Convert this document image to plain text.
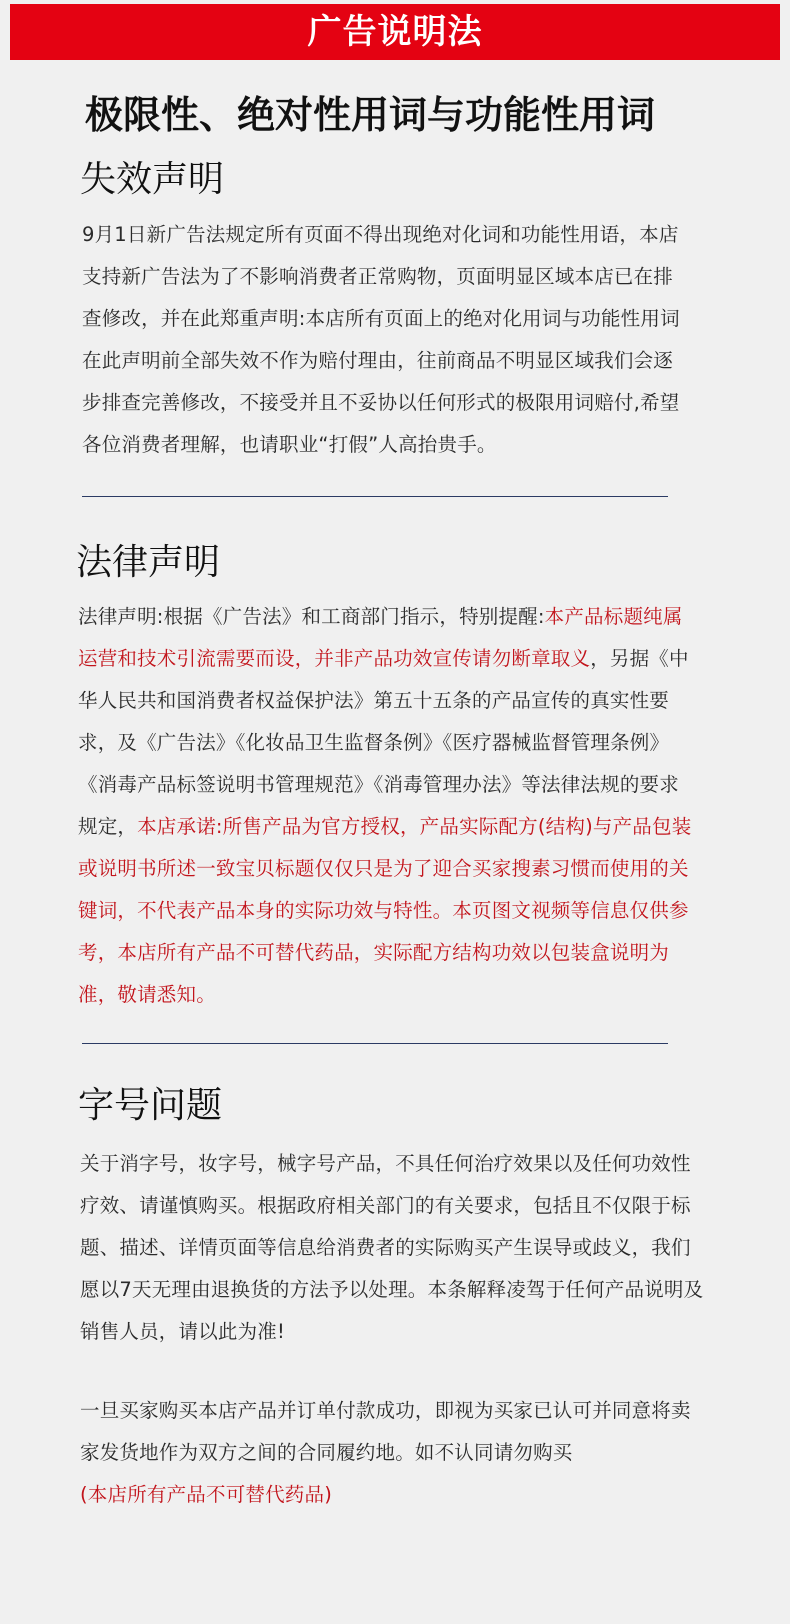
广告说明法
极限性、绝对性用词与功能性用词
失效声明

9月1日新广告法规定所有页面不得出现绝对化词和功能性用语，本店支持新广告法为了不影响消费者正常购物，页面明显区域本店已在排查修改，并在此郑重声明:本店所有页面上的绝对化用词与功能性用词在此声明前全部失效不作为赔付理由，往前商品不明显区域我们会逐步排查完善修改，不接受并且不妥协以任何形式的极限用词赔付,希望各位消费者理解，也请职业“打假”人高抬贵手。

法律声明

法律声明:根据《广告法》和工商部门指示，特别提醒:本产品标题纯属运营和技术引流需要而设，并非产品功效宣传请勿断章取义，另据《中华人民共和国消费者权益保护法》第五十五条的产品宣传的真实性要求，及《广告法》《化妆品卫生监督条例》《医疗器械监督管理条例》《消毒产品标签说明书管理规范》《消毒管理办法》等法律法规的要求规定，本店承诺:所售产品为官方授权，产品实际配方(结构)与产品包装或说明书所述一致宝贝标题仅仅只是为了迎合买家搜素习惯而使用的关键词，不代表产品本身的实际功效与特性。本页图文视频等信息仅供参考，本店所有产品不可替代药品，实际配方结构功效以包装盒说明为准，敬请悉知。

字号问题

关于消字号，妆字号，械字号产品，不具任何治疗效果以及任何功效性疗效、请谨慎购买。根据政府相关部门的有关要求，包括且不仅限于标题、描述、详情页面等信息给消费者的实际购买产生误导或歧义，我们愿以7天无理由退换货的方法予以处理。本条解释凌驾于任何产品说明及销售人员，请以此为准!

一旦买家购买本店产品并订单付款成功，即视为买家已认可并同意将卖家发货地作为双方之间的合同履约地。如不认同请勿购买
(本店所有产品不可替代药品)
